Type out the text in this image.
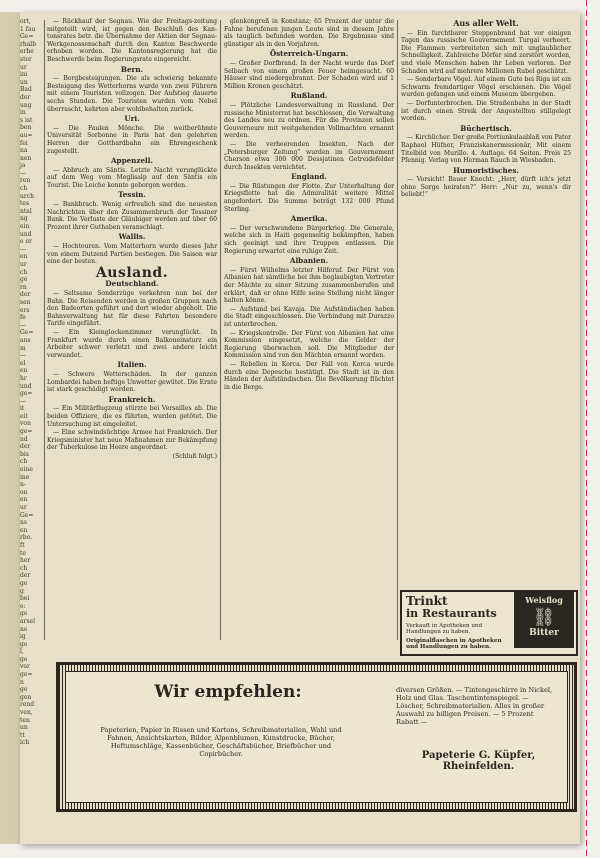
ort,
1 fau
Ge=
rhalb
erbe
ster
ur
im
un
Bad
der
ung
in
s ist
ben
au=
fei
na
nen
ja
—
ren
ch
urch
tes
ntal
ng
ein
und
e er
—
en
ur
ch
ge
rn
der
sen
ers
fe
—
Ge=
ans
m
—
el
en
hr
und
ge=
—
it
eit
von
ge=
nd
der
bis
ch
eine
ine
n-
on
en
ur
Ge=
ns
en
rbo.
ft
te
her
ch
der
ge
g
bei
e:
ge
arsel
ne
ig
ge
l,
ge
vor
ge=
n
ge
gen
rend
ven,
ten
un
tt
ich

— Rückhauf der Segnau. Wie der Freitags-zeitung mitgeteilt wird, ist gegen den Beschluß des Kan-tonsrates betr. die Übernahme der Aktien der Segnau-Werkgenossenschaft durch den Kanton Beschwerde erhoben worden. Die Kantonsregierung hat die Beschwerde beim Regierungsrate eingereicht.

Bern.

— Bergbesteigungen. Die als schwierig bekannte Besteigung des Wetterhorns wurde von zwei Führern mit einem Touristen vollzogen. Der Aufstieg dauerte sechs Stunden. Die Touristen wurden vom Nebel überrascht, kehrten aber wohlbehalten zurück.

Uri.

— Die Faulen Mönche. Die weitberühmte Universität Sorbonne in Paris hat den gelehrten Herren der Gotthardbahn ein Ehrengeschenk zugestellt.

Appenzell.

— Abbruch am Säntis. Letzte Nacht verunglückte auf dem Weg vom Meglisalp auf den Säntis ein Tourist. Die Leiche konnte geborgen werden.

Tessin.

— Bankbrach. Wenig erfreulich sind die neuesten Nachrichten über den Zusammenbruch der Tessiner Bank. Die Verluste der Gläubiger werden auf über 60 Prozent ihrer Guthaben veranschlagt.

Wallis.

— Hochtouren. Vom Matterhorn wurde dieses Jahr von einem Dutzend Partien bestiegen. Die Saison war eine der besten.

Ausland.
Deutschland.

— Seltsame Sonderzüge verkehren nun bei der Bahn. Die Reisenden werden in großen Gruppen nach den Badeorten geführt und dort wieder abgeholt. Die Bahnverwaltung hat für diese Fahrten besondere Tarife eingeführt.

— Ein Kleinglockenzimmer verunglückt. In Frankfurt wurde durch einen Balkoneinsturz ein Arbeiter schwer verletzt und zwei andere leicht verwundet.

Italien.

— Schwere Wetterschäden. In der ganzen Lombardei haben heftige Unwetter gewütet. Die Ernte ist stark geschädigt worden.

Frankreich.

— Ein Militärflugzeug stürzte bei Versailles ab. Die beiden Offiziere, die es führten, wurden getötet. Die Untersuchung ist eingeleitet.

— Eine schwindsüchtige Armee hat Frankreich. Der Kriegsminister hat neue Maßnahmen zur Bekämpfung der Tuberkulose im Heere angeordnet.

(Schluß folgt.)

glenkongreß in Konstanz; 65 Prozent der unter die Fahne berufenen jungen Leute sind in diesem Jahre als tauglich befunden worden. Die Ergebnisse sind günstiger als in den Vorjahren.

Österreich-Ungarn.

— Großer Dorfbrand. In der Nacht wurde das Dorf Selbach von einem großen Feuer heimgesucht. 60 Häuser sind niedergebrannt. Der Schaden wird auf 1 Million Kronen geschätzt.

Rußland.

— Plötzliche Landesverwaltung in Russland. Der russische Ministerrat hat beschlossen, die Verwaltung des Landes neu zu ordnen. Für die Provinzen sollen Gouverneure mit weitgehenden Vollmachten ernannt werden.

— Die verheerenden Insekten. Nach der „Petersburger Zeitung“ wurden im Gouvernement Cherson etwa 300 000 Dessjatinen Getreidefelder durch Insekten vernichtet.

England.

— Die Rüstungen der Flotte. Zur Unterhaltung der Kriegsflotte hat die Admiralität weitere Mittel angefordert. Die Summe beträgt 132 000 Pfund Sterling.

Amerika.

— Der verschwundene Bürgerkrieg. Die Generale, welche sich in Haiti gegenseitig bekämpften, haben sich geeinigt und ihre Truppen entlassen. Die Regierung erwartet eine ruhige Zeit.

Albanien.

— Fürst Wilhelms letzter Hilferuf. Der Fürst von Albanien hat sämtliche bei ihm beglaubigten Vertreter der Mächte zu einer Sitzung zusammenberufen und erklärt, daß er ohne Hilfe seine Stellung nicht länger halten könne.

— Aufstand bei Kavaja. Die Aufständischen haben die Stadt eingeschlossen. Die Verbindung mit Durazzo ist unterbrochen.

— Kriegskontrolle. Der Fürst von Albanien hat eine Kommission eingesetzt, welche die Gelder der Regierung überwachen soll. Die Mitglieder der Kommission sind von den Mächten ernannt worden.

— Rebellen in Korca. Der Fall von Korca wurde durch eine Depesche bestätigt. Die Stadt ist in den Händen der Aufständischen. Die Bevölkerung flüchtet in die Berge.

Aus aller Welt.

— Ein furchtbarer Steppenbrand hat vor einigen Tagen das russische Gouvernement Turgai verheert. Die Flammen verbreiteten sich mit unglaublicher Schnelligkeit. Zahlreiche Dörfer sind zerstört worden, und viele Menschen haben ihr Leben verloren. Der Schaden wird auf mehrere Millionen Rubel geschätzt.

— Sonderbare Vögel. Auf einem Gute bei Riga ist ein Schwarm fremdartiger Vögel erschienen. Die Vögel wurden gefangen und einem Museum übergeben.

— Dorfunterbrochen. Die Straßenbahn in der Stadt ist durch einen Streik der Angestellten stillgelegt worden.

Büchertisch.

— Kirchlicher. Der große Portiunkulaablaß von Pater Raphael Hüfner, Franziskanermissionär, Mit einem Titelbild von Murillo. 4. Auflage. 64 Seiten. Preis 25 Pfennig. Verlag von Herman Rauch in Wiesbaden.

Humoristisches.

— Vorsicht! Bauer Knecht: „Herr, dürft ich's jetzt ohne Sorge heiraten?“ Herr: „Nur zu, wenn's dir beliebt!“

Trinkt
in Restaurants
Verkauft in Apotheken und Handlungen zu haben.
Originalflaschen in Apotheken und Handlungen zu haben.
Weisflog
⛓
Bitter
Wir empfehlen:
Papeterien, Papier in Rissen und Kartons, Schreibmaterialien, Wahl und Fahnen, Ansichtskarten, Bilder, Alpenblumen, Kunstdrucke, Bücher, Heftumschläge, Kassenbücher, Geschäftsbücher, Briefbücher und Copirbücher.
diversen Größen. — Tintengeschirre in Nickel, Holz und Glas. Taschentintenspiegel. — Löscher, Schreibmaterialien. Alles in großer Auswahl zu billigen Preisen. — 5 Prozent Rabatt —
Papeterie G. Küpfer, Rheinfelden.
